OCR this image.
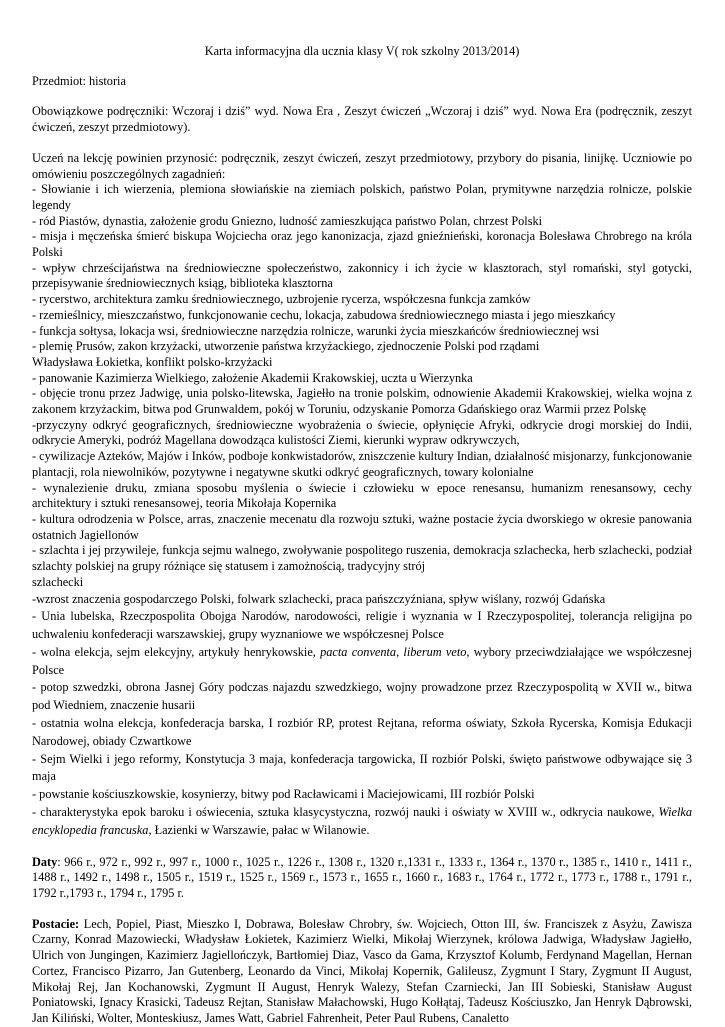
Karta informacyjna dla ucznia klasy V( rok szkolny 2013/2014)

Przedmiot: historia

Obowiązkowe podręczniki: Wczoraj i dziś” wyd. Nowa Era , Zeszyt ćwiczeń „Wczoraj i dziś” wyd. Nowa Era (podręcznik, zeszyt ćwiczeń, zeszyt przedmiotowy).

Uczeń na lekcję powinien przynosić: podręcznik, zeszyt ćwiczeń, zeszyt przedmiotowy, przybory do pisania, linijkę. Uczniowie po omówieniu poszczególnych zagadnień:

- Słowianie i ich wierzenia, plemiona słowiańskie na ziemiach polskich, państwo Polan, prymitywne narzędzia rolnicze, polskie legendy

- ród Piastów, dynastia, założenie grodu Gniezno, ludność zamieszkująca państwo Polan, chrzest Polski

- misja i męczeńska śmierć biskupa Wojciecha oraz jego kanonizacja, zjazd gnieźnieński, koronacja Bolesława Chrobrego na króla Polski

- wpływ chrześcijaństwa na średniowieczne społeczeństwo, zakonnicy i ich życie w klasztorach, styl romański, styl gotycki, przepisywanie średniowiecznych ksiąg, biblioteka klasztorna

- rycerstwo, architektura zamku średniowiecznego, uzbrojenie rycerza, współczesna funkcja zamków

- rzemieślnicy, mieszczaństwo, funkcjonowanie cechu, lokacja, zabudowa średniowiecznego miasta i jego mieszkańcy

- funkcja sołtysa, lokacja wsi, średniowieczne narzędzia rolnicze, warunki życia mieszkańców średniowiecznej wsi

- plemię Prusów, zakon krzyżacki, utworzenie państwa krzyżackiego, zjednoczenie Polski pod rządami

Władysława Łokietka, konflikt polsko-krzyżacki

- panowanie Kazimierza Wielkiego, założenie Akademii Krakowskiej, uczta u Wierzynka

- objęcie tronu przez Jadwigę, unia polsko-litewska, Jagiełło na tronie polskim, odnowienie Akademii Krakowskiej, wielka wojna z zakonem krzyżackim, bitwa pod Grunwaldem, pokój w Toruniu, odzyskanie Pomorza Gdańskiego oraz Warmii przez Polskę

-przyczyny odkryć geograficznych, średniowieczne wyobrażenia o świecie, opłynięcie Afryki, odkrycie drogi morskiej do Indii, odkrycie Ameryki, podróż Magellana dowodząca kulistości Ziemi, kierunki wypraw odkrywczych,

- cywilizacje Azteków, Majów i Inków, podboje konkwistadorów, zniszczenie kultury Indian, działalność misjonarzy, funkcjonowanie plantacji, rola niewolników, pozytywne i negatywne skutki odkryć geograficznych, towary kolonialne

- wynalezienie druku, zmiana sposobu myślenia o świecie i człowieku w epoce renesansu, humanizm renesansowy, cechy architektury i sztuki renesansowej, teoria Mikołaja Kopernika

- kultura odrodzenia w Polsce, arras, znaczenie mecenatu dla rozwoju sztuki, ważne postacie życia dworskiego w okresie panowania ostatnich Jagiellonów

- szlachta i jej przywileje, funkcja sejmu walnego, zwoływanie pospolitego ruszenia, demokracja szlachecka, herb szlachecki, podział szlachty polskiej na grupy różniące się statusem i zamożnością, tradycyjny strój

szlachecki

-wzrost znaczenia gospodarczego Polski, folwark szlachecki, praca pańszczyźniana, spływ wiślany, rozwój Gdańska

- Unia lubelska, Rzeczpospolita Obojga Narodów, narodowości, religie i wyznania w I Rzeczypospolitej, tolerancja religijna po uchwaleniu konfederacji warszawskiej, grupy wyznaniowe we współczesnej Polsce

- wolna elekcja, sejm elekcyjny, artykuły henrykowskie, pacta conventa, liberum veto, wybory przeciwdziałające we współczesnej Polsce

- potop szwedzki, obrona Jasnej Góry podczas najazdu szwedzkiego, wojny prowadzone przez Rzeczypospolitą w XVII w., bitwa pod Wiedniem, znaczenie husarii

- ostatnia wolna elekcja, konfederacja barska, I rozbiór RP, protest Rejtana, reforma oświaty, Szkoła Rycerska, Komisja Edukacji Narodowej, obiady Czwartkowe

- Sejm Wielki i jego reformy, Konstytucja 3 maja, konfederacja targowicka, II rozbiór Polski, święto państwowe odbywające się 3 maja

- powstanie kościuszkowskie, kosynierzy, bitwy pod Racławicami i Maciejowicami, III rozbiór Polski

- charakterystyka epok baroku i oświecenia, sztuka klasycystyczna, rozwój nauki i oświaty w XVIII w., odkrycia naukowe, Wielka encyklopedia francuska, Łazienki w Warszawie, pałac w Wilanowie.

Daty: 966 r., 972 r., 992 r., 997 r., 1000 r., 1025 r., 1226 r., 1308 r., 1320 r.,1331 r., 1333 r., 1364 r., 1370 r., 1385 r., 1410 r., 1411 r., 1488 r., 1492 r., 1498 r., 1505 r., 1519 r., 1525 r., 1569 r., 1573 r., 1655 r., 1660 r., 1683 r., 1764 r., 1772 r., 1773 r., 1788 r., 1791 r., 1792 r.,1793 r., 1794 r., 1795 r.

Postacie: Lech, Popiel, Piast, Mieszko I, Dobrawa, Bolesław Chrobry, św. Wojciech, Otton III, św. Franciszek z Asyżu, Zawisza Czarny, Konrad Mazowiecki, Władysław Łokietek, Kazimierz Wielki, Mikołaj Wierzynek, królowa Jadwiga, Władysław Jagiełło, Ulrich von Jungingen, Kazimierz Jagiellończyk, Bartłomiej Diaz, Vasco da Gama, Krzysztof Kolumb, Ferdynand Magellan, Hernan Cortez, Francisco Pizarro, Jan Gutenberg, Leonardo da Vinci, Mikołaj Kopernik, Galileusz, Zygmunt I Stary, Zygmunt II August, Mikołaj Rej, Jan Kochanowski, Zygmunt II August, Henryk Walezy, Stefan Czarniecki, Jan III Sobieski, Stanisław August Poniatowski, Ignacy Krasicki, Tadeusz Rejtan, Stanisław Małachowski, Hugo Kołłątaj, Tadeusz Kościuszko, Jan Henryk Dąbrowski, Jan Kiliński, Wolter, Monteskiusz, James Watt, Gabriel Fahrenheit, Peter Paul Rubens, Canaletto
